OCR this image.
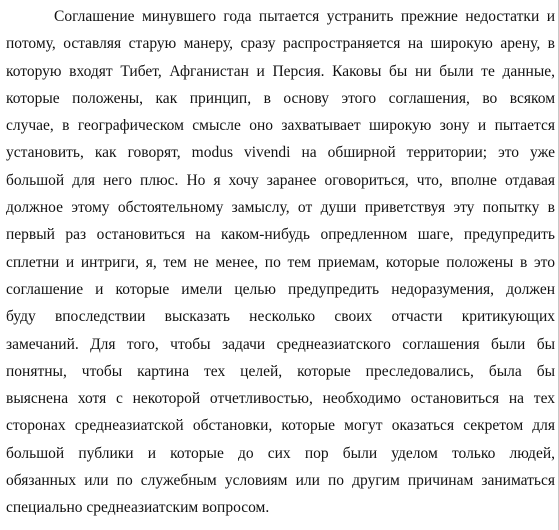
Соглашение минувшего года пытается устранить прежние недостатки и
потому, оставляя старую манеру, сразу распространяется на широкую арену, в
которую входят Тибет, Афганистан и Персия. Каковы бы ни были те данные,
которые положены, как принцип, в основу этого соглашения, во всяком
случае, в географическом смысле оно захватывает широкую зону и пытается
установить, как говорят, modus vivendi на обширной территории; это уже
большой для него плюс. Но я хочу заранее оговориться, что, вполне отдавая
должное этому обстоятельному замыслу, от души приветствуя эту попытку в
первый раз остановиться на каком-нибудь опредленном шаге, предупредить
сплетни и интриги, я, тем не менее, по тем приемам, которые положены в это
соглашение и которые имели целью предупредить недоразумения, должен
буду впоследствии высказать несколько своих отчасти критикующих
замечаний. Для того, чтобы задачи среднеазиатского соглашения были бы
понятны, чтобы картина тех целей, которые преследовались, была бы
выяснена хотя с некоторой отчетливостью, необходимо остановиться на тех
сторонах среднеазиатской обстановки, которые могут оказаться секретом для
большой публики и которые до сих пор были уделом только людей,
обязанных или по служебным условиям или по другим причинам заниматься
специально среднеазиатским вопросом.
